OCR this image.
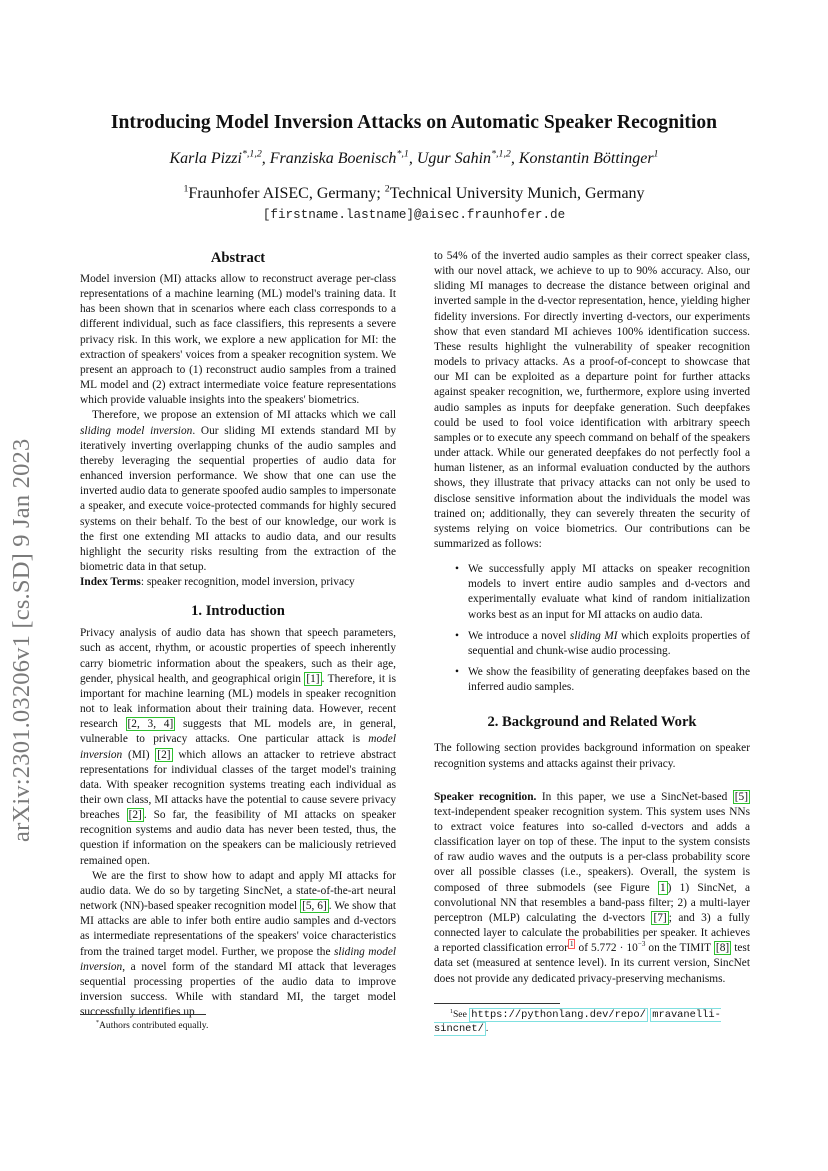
arXiv:2301.03206v1 [cs.SD] 9 Jan 2023
Introducing Model Inversion Attacks on Automatic Speaker Recognition
Karla Pizzi$^{*,1,2}$, Franziska Boenisch$^{*,1}$, Ugur Sahin$^{*,1,2}$, Konstantin Böttinger$^1$
$^1$Fraunhofer AISEC, Germany; $^2$Technical University Munich, Germany
[firstname.lastname]@aisec.fraunhofer.de
Abstract

Model inversion (MI) attacks allow to reconstruct average per-class representations of a machine learning (ML) model's training data. It has been shown that in scenarios where each class corresponds to a different individual, such as face classifiers, this represents a severe privacy risk. In this work, we explore a new application for MI: the extraction of speakers' voices from a speaker recognition system. We present an approach to (1) reconstruct audio samples from a trained ML model and (2) extract intermediate voice feature representations which provide valuable insights into the speakers' biometrics.

Therefore, we propose an extension of MI attacks which we call sliding model inversion. Our sliding MI extends standard MI by iteratively inverting overlapping chunks of the audio samples and thereby leveraging the sequential properties of audio data for enhanced inversion performance. We show that one can use the inverted audio data to generate spoofed audio samples to impersonate a speaker, and execute voice-protected commands for highly secured systems on their behalf. To the best of our knowledge, our work is the first one extending MI attacks to audio data, and our results highlight the security risks resulting from the extraction of the biometric data in that setup.

Index Terms: speaker recognition, model inversion, privacy

1. Introduction

Privacy analysis of audio data has shown that speech parameters, such as accent, rhythm, or acoustic properties of speech inherently carry biometric information about the speakers, such as their age, gender, physical health, and geographical origin [1] . Therefore, it is important for machine learning (ML) models in speaker recognition not to leak information about their training data. However, recent research [2, 3, 4] suggests that ML models are, in general, vulnerable to privacy attacks. One particular attack is model inversion (MI) [2] which allows an attacker to retrieve abstract representations for individual classes of the target model's training data. With speaker recognition systems treating each individual as their own class, MI attacks have the potential to cause severe privacy breaches [2] . So far, the feasibility of MI attacks on speaker recognition systems and audio data has never been tested, thus, the question if information on the speakers can be maliciously retrieved remained open.

We are the first to show how to adapt and apply MI attacks for audio data. We do so by targeting SincNet, a state-of-the-art neural network (NN)-based speaker recognition model [5, 6] . We show that MI attacks are able to infer both entire audio samples and d-vectors as intermediate representations of the speakers' voice characteristics from the trained target model. Further, we propose the sliding model inversion, a novel form of the standard MI attack that leverages sequential processing properties of the audio data to improve inversion success. While with standard MI, the target model successfully identifies up

to 54% of the inverted audio samples as their correct speaker class, with our novel attack, we achieve to up to 90% accuracy. Also, our sliding MI manages to decrease the distance between original and inverted sample in the d-vector representation, hence, yielding higher fidelity inversions. For directly inverting d-vectors, our experiments show that even standard MI achieves 100% identification success. These results highlight the vulnerability of speaker recognition models to privacy attacks. As a proof-of-concept to showcase that our MI can be exploited as a departure point for further attacks against speaker recognition, we, furthermore, explore using inverted audio samples as inputs for deepfake generation. Such deepfakes could be used to fool voice identification with arbitrary speech samples or to execute any speech command on behalf of the speakers under attack. While our generated deepfakes do not perfectly fool a human listener, as an informal evaluation conducted by the authors shows, they illustrate that privacy attacks can not only be used to disclose sensitive information about the individuals the model was trained on; additionally, they can severely threaten the security of systems relying on voice biometrics. Our contributions can be summarized as follows:

• We successfully apply MI attacks on speaker recognition models to invert entire audio samples and d-vectors and experimentally evaluate what kind of random initialization works best as an input for MI attacks on audio data.
• We introduce a novel sliding MI which exploits properties of sequential and chunk-wise audio processing.
• We show the feasibility of generating deepfakes based on the inferred audio samples.
2. Background and Related Work

The following section provides background information on speaker recognition systems and attacks against their privacy.

Speaker recognition. In this paper, we use a SincNet-based [5] text-independent speaker recognition system. This system uses NNs to extract voice features into so-called d-vectors and adds a classification layer on top of these. The input to the system consists of raw audio waves and the outputs is a per-class probability score over all possible classes (i.e., speakers). Overall, the system is composed of three submodels (see Figure 1 ) 1) SincNet, a convolutional NN that resembles a band-pass filter; 2) a multi-layer perceptron (MLP) calculating the d-vectors [7] ; and 3) a fully connected layer to calculate the probabilities per speaker. It achieves a reported classification error $^1$ of $5.772 \cdot 10^{-3}$ on the TIMIT [8] test data set (measured at sentence level). In its current version, SincNet does not provide any dedicated privacy-preserving mechanisms.

*Authors contributed equally.
$^1$See https://pythonlang.dev/repo/ mravanelli-sincnet/ .
